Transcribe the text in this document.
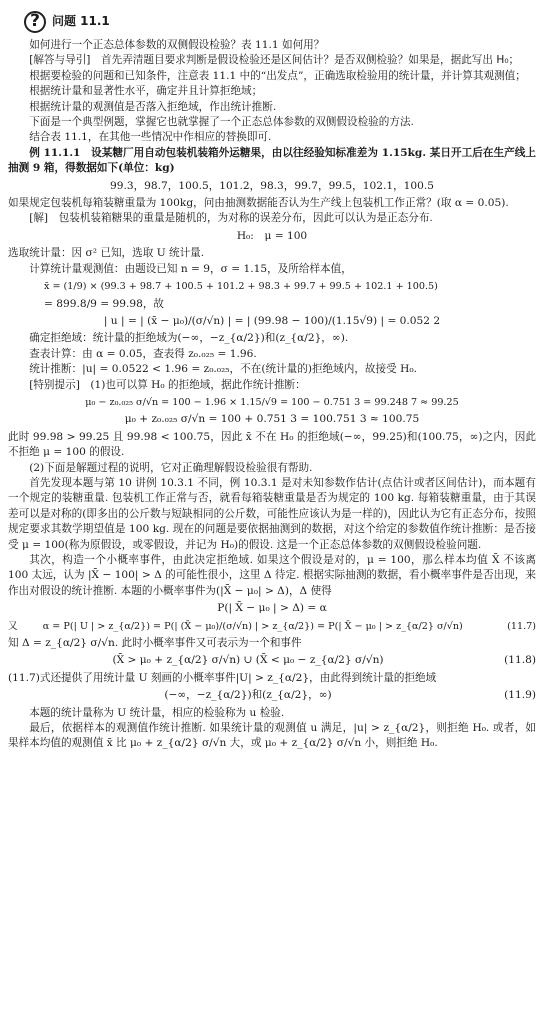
?	问题 11.1

如何进行一个正态总体参数的双侧假设检验？表 11.1 如何用？

[解答与导引]　首先弄清题目要求判断是假设检验还是区间估计？是否双侧检验？如果是，据此写出 H₀；

根据要检验的问题和已知条件，注意表 11.1 中的“出发点”，正确选取检验用的统计量，并计算其观测值；

根据统计量和显著性水平，确定并且计算拒绝域；

根据统计量的观测值是否落入拒绝域，作出统计推断.

下面是一个典型例题，掌握它也就掌握了一个正态总体参数的双侧假设检验的方法.

结合表 11.1，在其他一些情况中作相应的替换即可.

例 11.1.1　设某糖厂用自动包装机装箱外运糖果，由以往经验知标准差为 1.15kg. 某日开工后在生产线上抽测 9 箱，得数据如下(单位：kg)

99.3，98.7，100.5，101.2，98.3，99.7，99.5，102.1，100.5

如果规定包装机每箱装糖重量为 100kg，问由抽测数据能否认为生产线上包装机工作正常？(取 α = 0.05).

[解]　包装机装箱糖果的重量是随机的，为对称的误差分布，因此可以认为是正态分布.

H₀:　μ = 100

选取统计量：因 σ² 已知，选取 U 统计量.

计算统计量观测值：由题设已知 n = 9，σ = 1.15，及所给样本值，

x̄ = (1/9) × (99.3 + 98.7 + 100.5 + 101.2 + 98.3 + 99.7 + 99.5 + 102.1 + 100.5)
= 899.8/9 = 99.98，故
| u | = | (x̄ − μ₀)/(σ/√n) | = | (99.98 − 100)/(1.15√9) | = 0.052 2

确定拒绝域：统计量的拒绝域为(−∞，−z_{α/2})和(z_{α/2}，∞).

查表计算：由 α = 0.05，查表得 z₀.₀₂₅ = 1.96.

统计推断：|u| = 0.0522 < 1.96 = z₀.₀₂₅，不在(统计量的)拒绝域内，故接受 H₀.

[特别提示]　(1)也可以算 H₀ 的拒绝域，据此作统计推断：

μ₀ − z₀.₀₂₅ σ/√n = 100 − 1.96 × 1.15/√9 = 100 − 0.751 3 = 99.248 7 ≈ 99.25
μ₀ + z₀.₀₂₅ σ/√n = 100 + 0.751 3 = 100.751 3 ≈ 100.75

此时 99.98 > 99.25 且 99.98 < 100.75，因此 x̄ 不在 H₀ 的拒绝域(−∞，99.25)和(100.75，∞)之内，因此不拒绝 μ = 100 的假设.

(2)下面是解题过程的说明，它对正确理解假设检验很有帮助.

首先发现本题与第 10 讲例 10.3.1 不同，例 10.3.1 是对未知参数作估计(点估计或者区间估计)，而本题有一个规定的装糖重量. 包装机工作正常与否，就看每箱装糖重量是否为规定的 100 kg. 每箱装糖重量，由于其误差可以是对称的(即多出的公斤数与短缺相同的公斤数，可能性应该认为是一样的)，因此认为它有正态分布，按照规定要求其数学期望值是 100 kg. 现在的问题是要依据抽测到的数据，对这个给定的参数值作统计推断：是否接受 μ = 100(称为原假设，或零假设，并记为 H₀)的假设. 这是一个正态总体参数的双侧假设检验问题.

其次，构造一个小概率事件，由此决定拒绝域. 如果这个假设是对的，μ = 100，那么样本均值 X̄ 不该离 100 太远，认为 |X̄ − 100| > Δ 的可能性很小，这里 Δ 待定. 根据实际抽测的数据，看小概率事件是否出现，来作出对假设的统计推断. 本题的小概率事件为(|X̄ − μ₀| > Δ)，Δ 使得

P(| X̄ − μ₀ | > Δ) = α
又	α = P(| U | > z_{α/2}) = P(| (X̄ − μ₀)/(σ/√n) | > z_{α/2}) = P(| X̄ − μ₀ | > z_{α/2} σ/√n)	(11.7)

知 Δ = z_{α/2} σ/√n. 此时小概率事件又可表示为一个和事件

(X̄ > μ₀ + z_{α/2} σ/√n) ∪ (X̄ < μ₀ − z_{α/2} σ/√n)	(11.8)

(11.7)式还提供了用统计量 U 刻画的小概率事件|U| > z_{α/2}，由此得到统计量的拒绝域

(−∞，−z_{α/2})和(z_{α/2}，∞)	(11.9)

本题的统计量称为 U 统计量，相应的检验称为 u 检验.

最后，依据样本的观测值作统计推断. 如果统计量的观测值 u 满足，|u| > z_{α/2}，则拒绝 H₀. 或者，如果样本均值的观测值 x̄ 比 μ₀ + z_{α/2} σ/√n 大，或 μ₀ + z_{α/2} σ/√n 小，则拒绝 H₀.
